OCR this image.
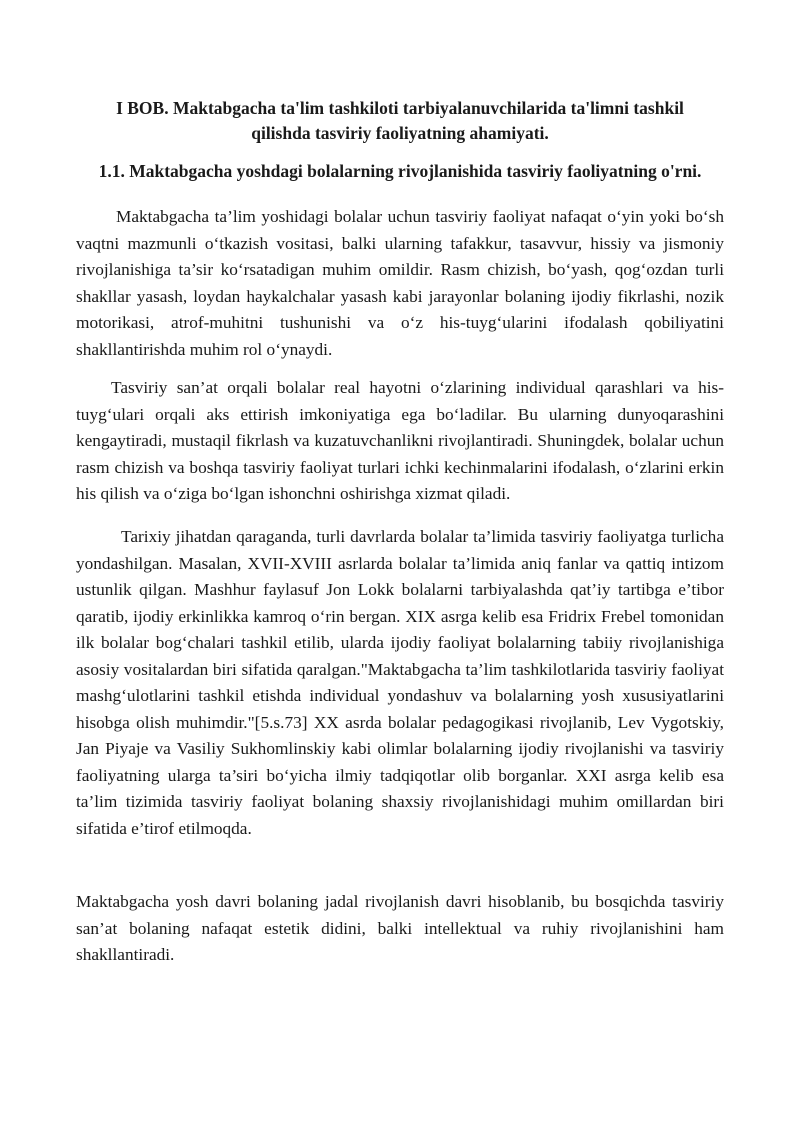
I BOB. Maktabgacha ta'lim tashkiloti tarbiyalanuvchilarida ta'limni tashkil qilishda tasviriy faoliyatning ahamiyati.
1.1. Maktabgacha yoshdagi bolalarning rivojlanishida tasviriy faoliyatning o'rni.

Maktabgacha ta’lim yoshidagi bolalar uchun tasviriy faoliyat nafaqat o‘yin yoki bo‘sh vaqtni mazmunli o‘tkazish vositasi, balki ularning tafakkur, tasavvur, hissiy va jismoniy rivojlanishiga ta’sir ko‘rsatadigan muhim omildir. Rasm chizish, bo‘yash, qog‘ozdan turli shakllar yasash, loydan haykalchalar yasash kabi jarayonlar bolaning ijodiy fikrlashi, nozik motorikasi, atrof-muhitni tushunishi va o‘z his-tuyg‘ularini ifodalash qobiliyatini shakllantirishda muhim rol o‘ynaydi.

Tasviriy san’at orqali bolalar real hayotni o‘zlarining individual qarashlari va his-tuyg‘ulari orqali aks ettirish imkoniyatiga ega bo‘ladilar. Bu ularning dunyoqarashini kengaytiradi, mustaqil fikrlash va kuzatuvchanlikni rivojlantiradi. Shuningdek, bolalar uchun rasm chizish va boshqa tasviriy faoliyat turlari ichki kechinmalarini ifodalash, o‘zlarini erkin his qilish va o‘ziga bo‘lgan ishonchni oshirishga xizmat qiladi.

Tarixiy jihatdan qaraganda, turli davrlarda bolalar ta’limida tasviriy faoliyatga turlicha yondashilgan. Masalan, XVII-XVIII asrlarda bolalar ta’limida aniq fanlar va qattiq intizom ustunlik qilgan. Mashhur faylasuf Jon Lokk bolalarni tarbiyalashda qat’iy tartibga e’tibor qaratib, ijodiy erkinlikka kamroq o‘rin bergan. XIX asrga kelib esa Fridrix Frebel tomonidan ilk bolalar bog‘chalari tashkil etilib, ularda ijodiy faoliyat bolalarning tabiiy rivojlanishiga asosiy vositalardan biri sifatida qaralgan."Maktabgacha ta’lim tashkilotlarida tasviriy faoliyat mashg‘ulotlarini tashkil etishda individual yondashuv va bolalarning yosh xususiyatlarini hisobga olish muhimdir."[5.s.73] XX asrda bolalar pedagogikasi rivojlanib, Lev Vygotskiy, Jan Piyaje va Vasiliy Sukhomlinskiy kabi olimlar bolalarning ijodiy rivojlanishi va tasviriy faoliyatning ularga ta’siri bo‘yicha ilmiy tadqiqotlar olib borganlar. XXI asrga kelib esa ta’lim tizimida tasviriy faoliyat bolaning shaxsiy rivojlanishidagi muhim omillardan biri sifatida e’tirof etilmoqda.

Maktabgacha yosh davri bolaning jadal rivojlanish davri hisoblanib, bu bosqichda tasviriy san’at bolaning nafaqat estetik didini, balki intellektual va ruhiy rivojlanishini ham shakllantiradi.
